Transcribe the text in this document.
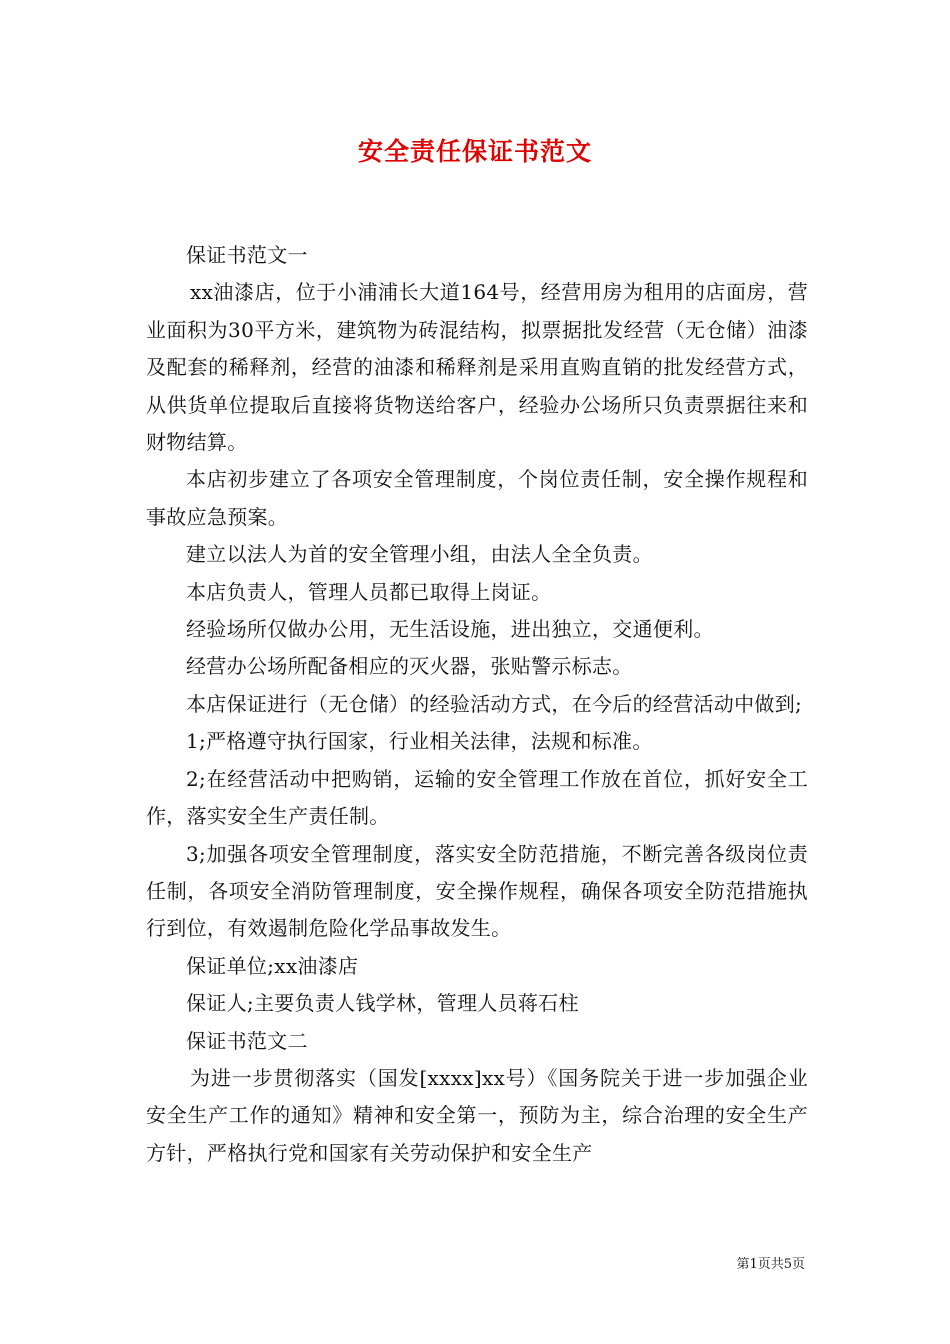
安全责任保证书范文

保证书范文一

xx油漆店，位于小浦浦长大道164号，经营用房为租用的店面房，营业面积为30平方米，建筑物为砖混结构，拟票据批发经营（无仓储）油漆及配套的稀释剂，经营的油漆和稀释剂是采用直购直销的批发经营方式，从供货单位提取后直接将货物送给客户，经验办公场所只负责票据往来和财物结算。

本店初步建立了各项安全管理制度，个岗位责任制，安全操作规程和事故应急预案。

建立以法人为首的安全管理小组，由法人全全负责。

本店负责人，管理人员都已取得上岗证。

经验场所仅做办公用，无生活设施，进出独立，交通便利。

经营办公场所配备相应的灭火器，张贴警示标志。

本店保证进行（无仓储）的经验活动方式，在今后的经营活动中做到;

1;严格遵守执行国家，行业相关法律，法规和标准。

2;在经营活动中把购销，运输的安全管理工作放在首位，抓好安全工作，落实安全生产责任制。

3;加强各项安全管理制度，落实安全防范措施，不断完善各级岗位责任制，各项安全消防管理制度，安全操作规程，确保各项安全防范措施执行到位，有效遏制危险化学品事故发生。

保证单位;xx油漆店

保证人;主要负责人钱学林，管理人员蒋石柱

保证书范文二

为进一步贯彻落实（国发[xxxx]xx号）《国务院关于进一步加强企业安全生产工作的通知》精神和安全第一，预防为主，综合治理的安全生产方针，严格执行党和国家有关劳动保护和安全生产

第1页共5页
